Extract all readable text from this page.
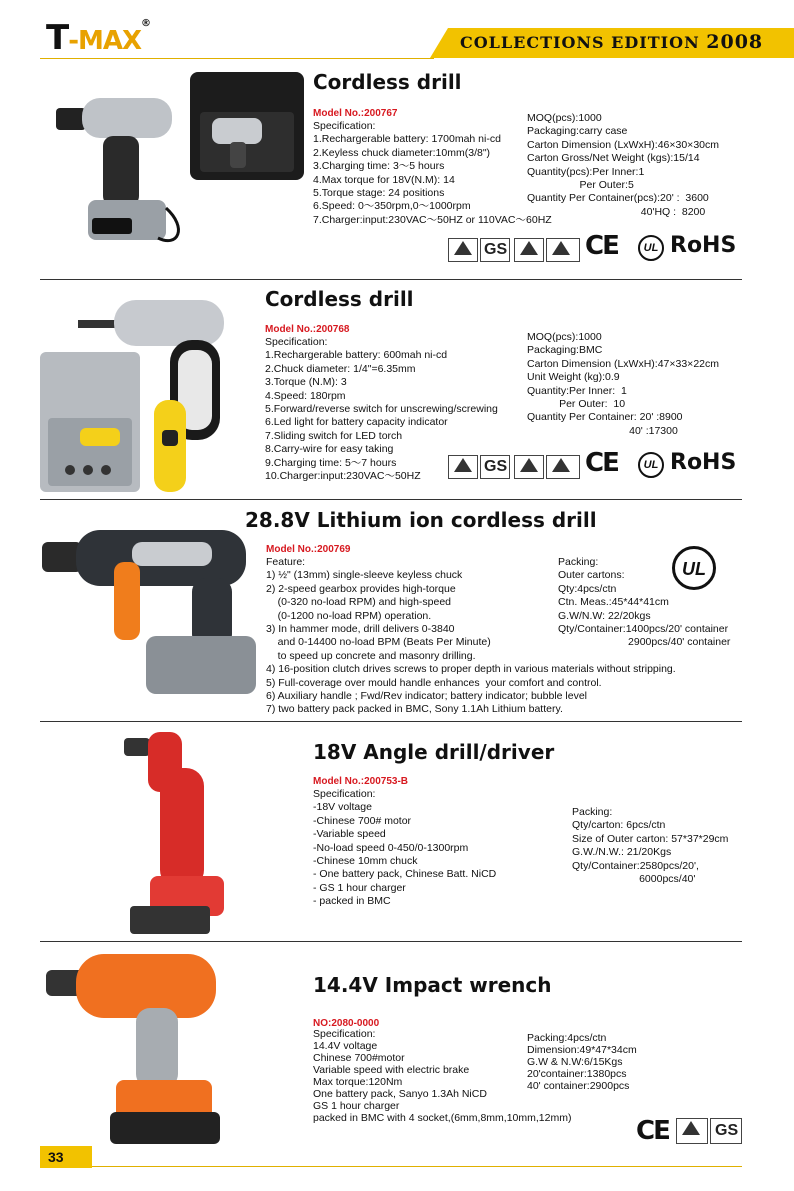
T-MAX®
COLLECTIONS EDITION 2008
Cordless drill
Model No.:200767
Specification:
1.Rechargerable battery: 1700mah ni-cd
2.Keyless chuck diameter:10mm(3/8")
3.Charging time: 3～5 hours
4.Max torque for 18V(N.M): 14
5.Torque stage: 24 positions
6.Speed: 0～350rpm,0～1000rpm
7.Charger:input:230VAC～50HZ or 110VAC～60HZ
MOQ(pcs):1000
Packaging:carry case
Carton Dimension (LxWxH):46×30×30cm
Carton Gross/Net Weight (kgs):15/14
Quantity(pcs):Per Inner:1
Per Outer:5
Quantity Per Container(pcs):20' :  3600
40'HQ :  8200
GS	CE	UL RoHS
Cordless drill
Model No.:200768
Specification:
1.Rechargerable battery: 600mah ni-cd
2.Chuck diameter: 1/4"=6.35mm
3.Torque (N.M): 3
4.Speed: 180rpm
5.Forward/reverse switch for unscrewing/screwing
6.Led light for battery capacity indicator
7.Sliding switch for LED torch
8.Carry-wire for easy taking
9.Charging time: 5～7 hours
10.Charger:input:230VAC～50HZ
MOQ(pcs):1000
Packaging:BMC
Carton Dimension (LxWxH):47×33×22cm
Unit Weight (kg):0.9
Quantity:Per Inner:  1
Per Outer:  10
Quantity Per Container: 20' :8900
40' :17300
GS	CE	UL RoHS
28.8V Lithium ion cordless drill
Model No.:200769
Feature:
1) ½" (13mm) single-sleeve keyless chuck
2) 2-speed gearbox provides high-torque
(0-320 no-load RPM) and high-speed
(0-1200 no-load RPM) operation.
3) In hammer mode, drill delivers 0-3840
and 0-14400 no-load BPM (Beats Per Minute)
to speed up concrete and masonry drilling.
4) 16-position clutch drives screws to proper depth in various materials without stripping.
5) Full-coverage over mould handle enhances  your comfort and control.
6) Auxiliary handle ; Fwd/Rev indicator; battery indicator; bubble level
7) two battery pack packed in BMC, Sony 1.1Ah Lithium battery.
Packing:
Outer cartons:
Qty:4pcs/ctn
Ctn. Meas.:45*44*41cm
G.W/N.W: 22/20kgs
Qty/Container:1400pcs/20' container
2900pcs/40' container
UL
18V Angle drill/driver
Model No.:200753-B
Specification:
-18V voltage
-Chinese 700# motor
-Variable speed
-No-load speed 0-450/0-1300rpm
-Chinese 10mm chuck
- One battery pack, Chinese Batt. NiCD
- GS 1 hour charger
- packed in BMC
Packing:
Qty/carton: 6pcs/ctn
Size of Outer carton: 57*37*29cm
G.W./N.W.: 21/20Kgs
Qty/Container:2580pcs/20',
6000pcs/40'
14.4V Impact wrench
NO:2080-0000
Specification:
14.4V voltage
Chinese 700#motor
Variable speed with electric brake
Max torque:120Nm
One battery pack, Sanyo 1.3Ah NiCD
GS 1 hour charger
packed in BMC with 4 socket,(6mm,8mm,10mm,12mm)
Packing:4pcs/ctn
Dimension:49*47*34cm
G.W & N.W:6/15Kgs
20'container:1380pcs
40' container:2900pcs
CE	GS
33
